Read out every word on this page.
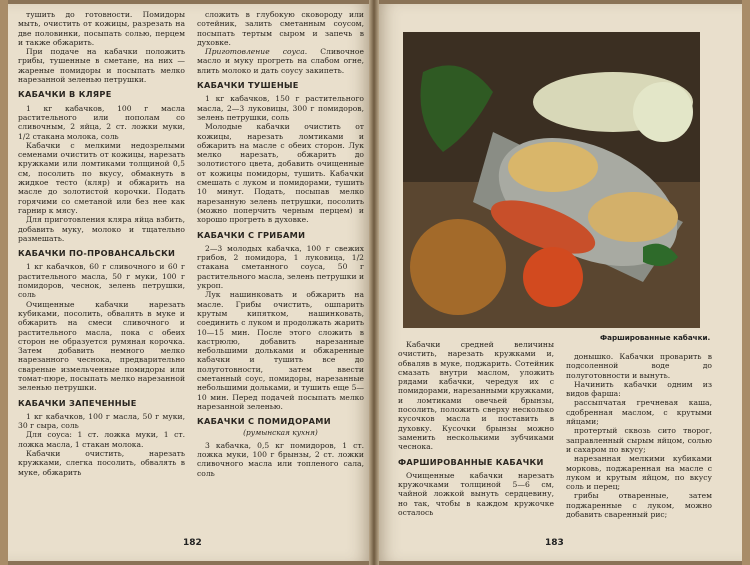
тушить до готовности. Помидоры мыть, очистить от кожицы, разрезать на две половинки, посыпать солью, перцем и также обжарить.

При подаче на кабачки положить грибы, тушенные в сметане, на них — жареные помидоры и посыпать мелко нарезанной зеленью петрушки.

КАБАЧКИ В КЛЯРЕ

1 кг кабачков, 100 г масла растительного или пополам со сливочным, 2 яйца, 2 ст. ложки муки, 1/2 стакана молока, соль

Кабачки с мелкими недозрелыми семенами очистить от кожицы, нарезать кружками или ломтиками толщиной 0,5 см, посолить по вкусу, обмакнуть в жидкое тесто (кляр) и обжарить на масле до золотистой корочки. Подать горячими со сметаной или без нее как гарнир к мясу.

Для приготовления кляра яйца взбить, добавить муку, молоко и тщательно размешать.

КАБАЧКИ ПО-ПРОВАНСАЛЬСКИ

1 кг кабачков, 60 г сливочного и 60 г растительного масла, 50 г муки, 100 г помидоров, чеснок, зелень петрушки, соль

Очищенные кабачки нарезать кубиками, посолить, обвалять в муке и обжарить на смеси сливочного и растительного масла, пока с обеих сторон не образуется румяная корочка. Затем добавить немного мелко нарезанного чеснока, предварительно свареные измельченные помидоры или томат-пюре, посыпать мелко нарезанной зеленью петрушки.

КАБАЧКИ ЗАПЕЧЕННЫЕ

1 кг кабачков, 100 г масла, 50 г муки, 30 г сыра, соль

Для соуса: 1 ст. ложка муки, 1 ст. ложка масла, 1 стакан молока.

Кабачки очистить, нарезать кружками, слегка посолить, обвалять в муке, обжарить

сложить в глубокую сковороду или сотейник, залить сметанным соусом, посыпать тертым сыром и запечь в духовке.

Приготовление соуса. Сливочное масло и муку прогреть на слабом огне, влить молоко и дать соусу закипеть.

КАБАЧКИ ТУШЕНЫЕ

1 кг кабачков, 150 г растительного масла, 2—3 луковицы, 300 г помидоров, зелень петрушки, соль

Молодые кабачки очистить от кожицы, нарезать ломтиками и обжарить на масле с обеих сторон. Лук мелко нарезать, обжарить до золотистого цвета, добавить очищенные от кожицы помидоры, тушить. Кабачки смешать с луком и помидорами, тушить 10 минут. Подать, посыпав мелко нарезанную зелень петрушки, посолить (можно поперчить черным перцем) и хорошо прогреть в духовке.

КАБАЧКИ С ГРИБАМИ

2—3 молодых кабачка, 100 г свежих грибов, 2 помидора, 1 луковица, 1/2 стакана сметанного соуса, 50 г растительного масла, зелень петрушки и укроп.

Лук нашинковать и обжарить на масле. Грибы очистить, ошпарить крутым кипятком, нашинковать, соединить с луком и продолжать жарить 10—15 мин. После этого сложить в кастрюлю, добавить нарезанные небольшими дольками и обжаренные кабачки и тушить все до полуготовности, затем ввести сметанный соус, помидоры, нарезанные небольшими дольками, и тушить еще 5—10 мин. Перед подачей посыпать мелко нарезанной зеленью.

КАБАЧКИ С ПОМИДОРАМИ
(румынская кухня)

3 кабачка, 0,5 кг помидоров, 1 ст. ложка муки, 100 г брынзы, 2 ст. ложки сливочного масла или топленого сала, соль

182
Фаршированные кабачки.

Кабачки средней величины очистить, нарезать кружками и, обваляв в муке, поджарить. Сотейник смазать внутри маслом, уложить рядами кабачки, чередуя их с помидорами, нарезанными кружками, и ломтиками овечьей брынзы, посолить, положить сверху несколько кусочков масла и поставить в духовку. Кусочки брынзы можно заменить несколькими зубчиками чеснока.

ФАРШИРОВАННЫЕ КАБАЧКИ

Очищенные кабачки нарезать кружочками толщиной 5—6 см, чайной ложкой вынуть сердцевину, но так, чтобы в каждом кружочке осталось

донышко. Кабачки проварить в подсоленной воде до полуготовности и вынуть.

Начинить кабачки одним из видов фарша:

рассыпчатая гречневая каша, сдобренная маслом, с крутыми яйцами;

протертый сквозь сито творог, заправленный сырым яйцом, солью и сахаром по вкусу;

нарезанная мелкими кубиками морковь, поджаренная на масле с луком и крутым яйцом, по вкусу соль и перец;

грибы отваренные, затем поджаренные с луком, можно добавить сваренный рис;

183
